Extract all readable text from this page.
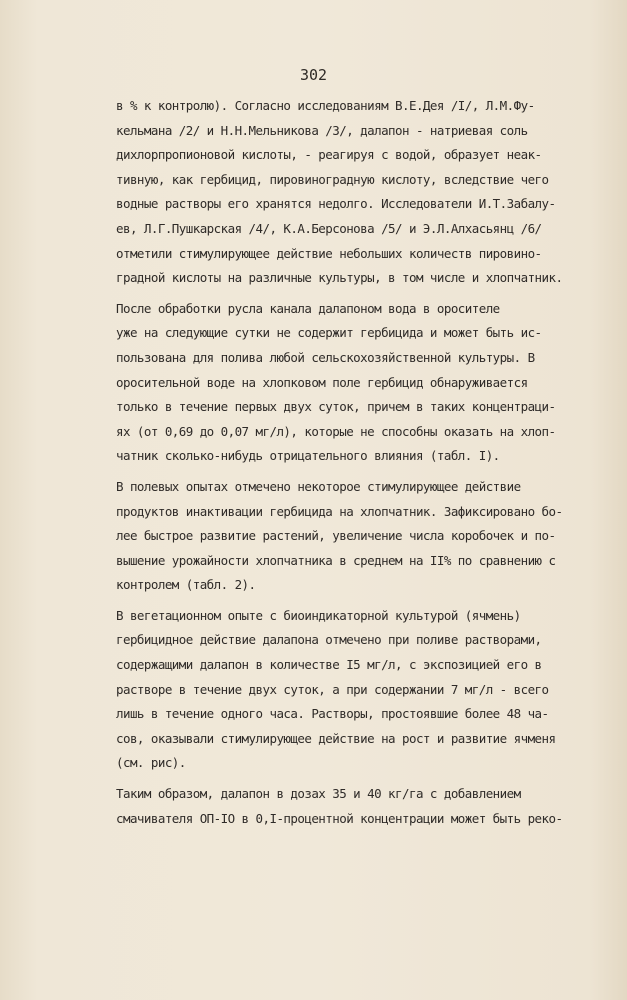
302
в % к контролю). Согласно исследованиям В.Е.Дея /I/, Л.М.Фу-
кельмана /2/ и Н.Н.Мельникова /3/, далапон - натриевая соль
дихлорпропионовой кислоты, - реагируя с водой, образует неак-
тивную, как гербицид, пировиноградную кислоту, вследствие чего
водные растворы его хранятся недолго. Исследователи И.Т.Забалу-
ев, Л.Г.Пушкарская /4/, К.А.Берсонова /5/ и Э.Л.Алхасьянц /6/
отметили стимулирующее действие небольших количеств пировино-
градной кислоты на различные культуры, в том числе и хлопчатник.
После обработки русла канала далапоном вода в оросителе
уже на следующие сутки не содержит гербицида и может быть ис-
пользована для полива любой сельскохозяйственной культуры. В
оросительной воде на хлопковом поле гербицид обнаруживается
только в течение первых двух суток, причем в таких концентраци-
ях (от 0,69 до 0,07 мг/л), которые не способны оказать на хлоп-
чатник сколько-нибудь отрицательного влияния (табл. I).
В полевых опытах отмечено некоторое стимулирующее действие
продуктов инактивации гербицида на хлопчатник. Зафиксировано бо-
лее быстрое развитие растений, увеличение числа коробочек и по-
вышение урожайности хлопчатника в среднем на II% по сравнению с
контролем (табл. 2).
В вегетационном опыте с биоиндикаторной культурой (ячмень)
гербицидное действие далапона отмечено при поливе растворами,
содержащими далапон в количестве I5 мг/л, с экспозицией его в
растворе в течение двух суток, а при содержании 7 мг/л - всего
лишь в течение одного часа. Растворы, простоявшие более 48 ча-
сов, оказывали стимулирующее действие на рост и развитие ячменя
(см. рис).
Таким образом, далапон в дозах 35 и 40 кг/га с добавлением
смачивателя ОП-IO в 0,I-процентной концентрации может быть реко-
